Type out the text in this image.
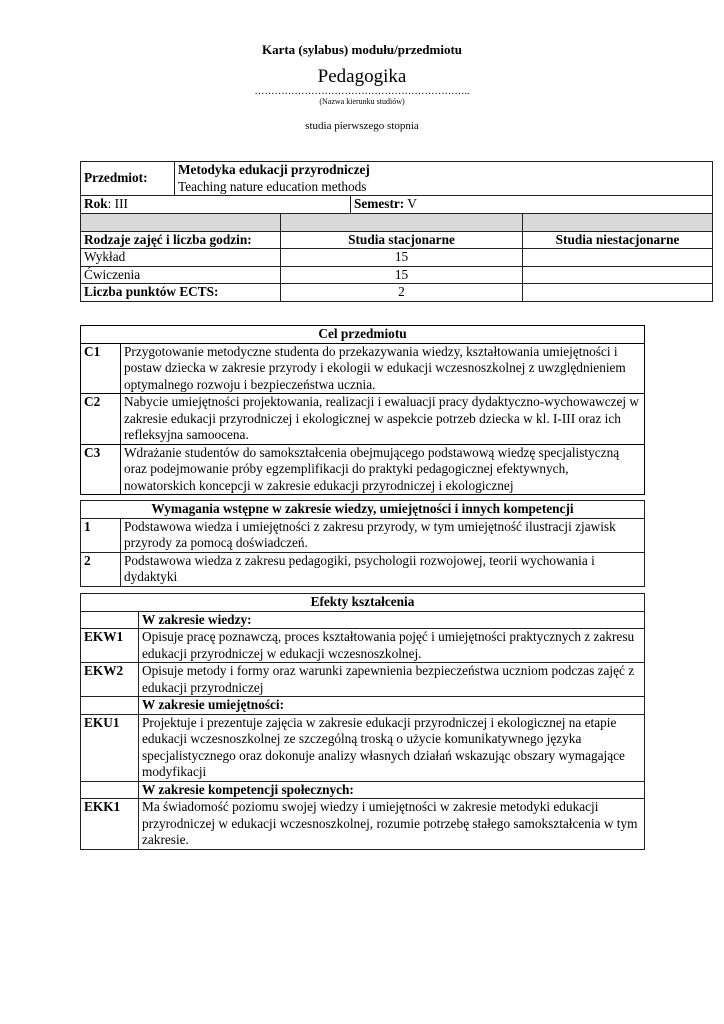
Karta (sylabus) modułu/przedmiotu
Pedagogika
………………………………………………………..
(Nazwa kierunku studiów)
studia pierwszego stopnia
Przedmiot:	Metodyka edukacji przyrodniczej
Teaching nature education methods			

Rok: III			Semestr: V	

Rodzaje zajęć i liczba godzin:		Studia stacjonarne		Studia niestacjonarne
Wykład		15		
Ćwiczenia		15		
Liczba punktów ECTS:		2		
Cel przedmiotu	
C1	Przygotowanie metodyczne studenta do przekazywania wiedzy, kształtowania umiejętności i postaw dziecka w zakresie przyrody i ekologii w edukacji wczesnoszkolnej z uwzględnieniem optymalnego rozwoju i bezpieczeństwa ucznia.
C2	Nabycie umiejętności projektowania, realizacji i ewaluacji pracy dydaktyczno-wychowawczej w zakresie edukacji przyrodniczej i ekologicznej w aspekcie potrzeb dziecka w kl. I-III oraz ich refleksyjna samoocena.
C3	Wdrażanie studentów do samokształcenia obejmującego podstawową wiedzę specjalistyczną oraz podejmowanie próby egzemplifikacji do praktyki pedagogicznej efektywnych, nowatorskich koncepcji w zakresie edukacji przyrodniczej i ekologicznej
Wymagania wstępne w zakresie wiedzy, umiejętności i innych kompetencji	
1	Podstawowa wiedza i umiejętności z zakresu przyrody, w tym umiejętność ilustracji zjawisk przyrody za pomocą doświadczeń.
2	Podstawowa wiedza z zakresu pedagogiki, psychologii rozwojowej, teorii wychowania i dydaktyki
Efekty kształcenia	
	W zakresie wiedzy:
EKW1	Opisuje pracę poznawczą, proces kształtowania pojęć i umiejętności praktycznych z zakresu edukacji przyrodniczej w edukacji wczesnoszkolnej.
EKW2	Opisuje metody i formy oraz warunki zapewnienia bezpieczeństwa uczniom podczas zajęć z edukacji przyrodniczej
	W zakresie umiejętności:
EKU1	Projektuje i prezentuje zajęcia w zakresie edukacji przyrodniczej i ekologicznej na etapie edukacji wczesnoszkolnej ze szczególną troską o użycie komunikatywnego języka specjalistycznego oraz dokonuje analizy własnych działań wskazując obszary wymagające modyfikacji
	W zakresie kompetencji społecznych:
EKK1	Ma świadomość poziomu swojej wiedzy i umiejętności w zakresie metodyki edukacji przyrodniczej w edukacji wczesnoszkolnej, rozumie potrzebę stałego samokształcenia w tym zakresie.
